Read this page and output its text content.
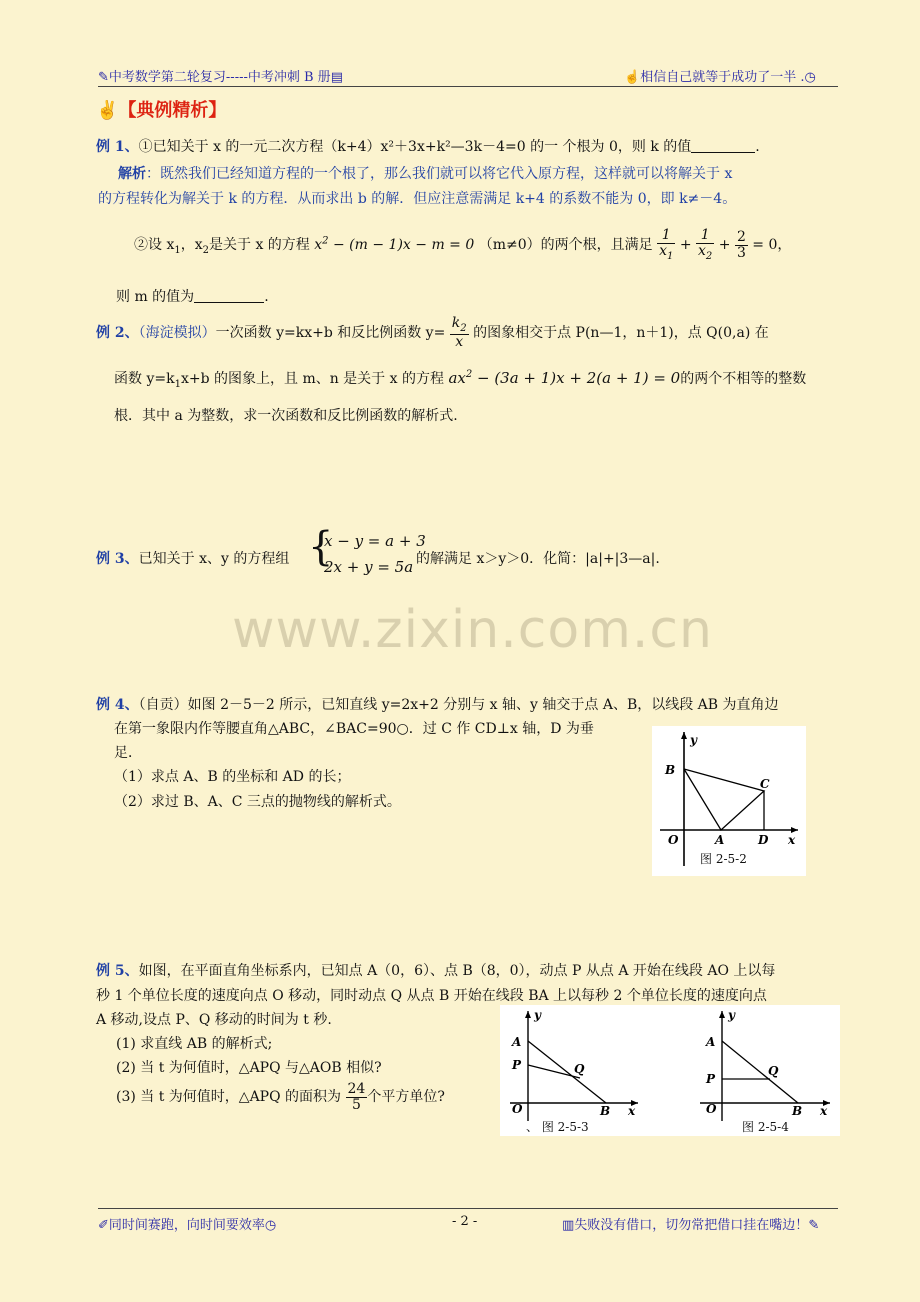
✎中考数学第二轮复习-----中考冲刺 B 册▤	☝相信自己就等于成功了一半 .◷
✌【典例精析】
例 1、①已知关于 x 的一元二次方程（k+4）x²＋3x+k²—3k－4=0 的一 个根为 0，则 k 的值	.
解析：既然我们已经知道方程的一个根了，那么我们就可以将它代入原方程，这样就可以将解关于 x
的方程转化为解关于 k 的方程．从而求出 b 的解．但应注意需满足 k+4 的系数不能为 0，即 k≠－4。
②设 $x_1$，$x_2$是关于 x 的方程 $x^2 - (m - 1)x - m = 0$ （m≠0）的两个根，且满足 $\frac{1}{x_1} + \frac{1}{x_2} + \frac{2}{3} = 0$，
则 m 的值为	.
例 2、（海淀模拟）一次函数 y=kx+b 和反比例函数 $y= \frac{k_2}{x}$ 的图象相交于点 P(n—1，n＋1)，点 Q(0,a) 在
函数 $y=k_1x+b$ 的图象上，且 m、n 是关于 x 的方程 $ax^2 - (3a + 1)x + 2(a + 1) = 0$的两个不相等的整数
根．其中 a 为整数，求一次函数和反比例函数的解析式.
例 3、已知关于 x、y 的方程组 {
x − y = a + 3
2x + y = 5a 的解满足 x＞y＞0．化简：|a|+|3—a|.
www.zixin.com.cn
例 4、（自贡）如图 2－5－2 所示，已知直线 y=2x+2 分别与 x 轴、y 轴交于点 A、B，以线段 AB 为直角边
在第一象限内作等腰直角△ABC，∠BAC=90○．过 C 作 CD⊥x 轴，D 为垂
足．
（1）求点 A、B 的坐标和 AD 的长；
（2）求过 B、A、C 三点的抛物线的解析式。
y
B
C
O	A	D x
图 2-5-2
例 5、如图，在平面直角坐标系内，已知点 A（0，6）、点 B（8，0），动点 P 从点 A 开始在线段 AO 上以每
秒 1 个单位长度的速度向点 O 移动，同时动点 Q 从点 B 开始在线段 BA 上以每秒 2 个单位长度的速度向点
A 移动,设点 P、Q 移动的时间为 t 秒.
(1) 求直线 AB 的解析式;
(2) 当 t 为何值时，△APQ 与△AOB 相似?
(3) 当 t 为何值时，△APQ 的面积为 $\frac{24}{5}$ 个平方单位?
y
A
P	Q
O	B x
y
A
P
Q
O	B x
、 图 2-5-3	图 2-5-4
✐同时间赛跑，向时间要效率◷	- 2 -	▥失败没有借口，切勿常把借口挂在嘴边！✎
